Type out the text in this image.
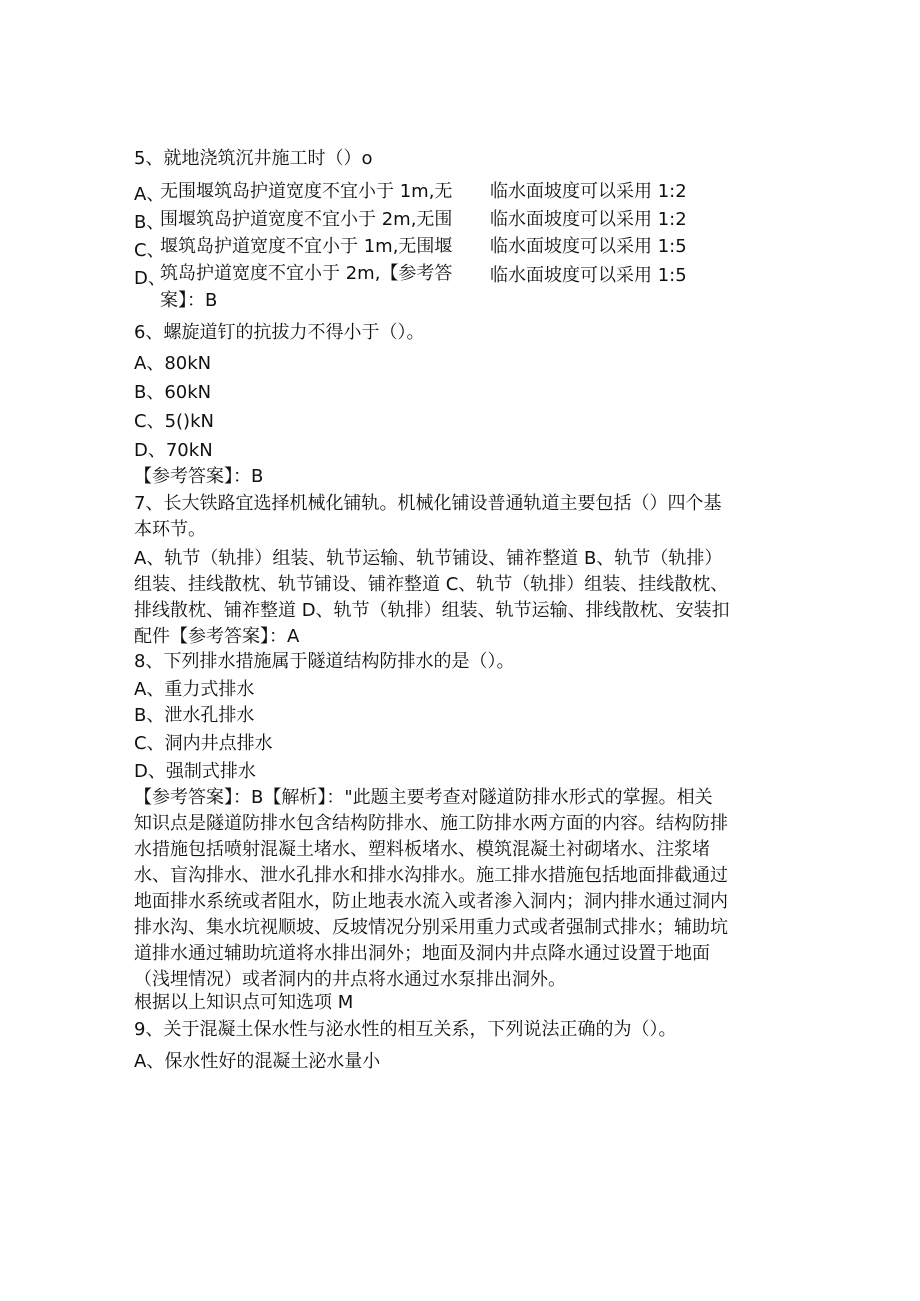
5、就地浇筑沉井施工时（）o
A、
无围堰筑岛护道宽度不宜小于 1m,无 临水面坡度可以采用 1:2
B、
围堰筑岛护道宽度不宜小于 2m,无围 临水面坡度可以采用 1:2
C、
堰筑岛护道宽度不宜小于 1m,无围堰 临水面坡度可以采用 1:5
D、
筑岛护道宽度不宜小于 2m,【参考答 临水面坡度可以采用 1:5
案】：B
6、螺旋道钉的抗拔力不得小于（）。
A、80kN
B、60kN
C、5()kN
D、70kN
【参考答案】：B
7、长大铁路宜选择机械化铺轨。机械化铺设普通轨道主要包括（）四个基
本环节。
A、轨节（轨排）组装、轨节运输、轨节铺设、铺祚整道 B、轨节（轨排）
组装、挂线散枕、轨节铺设、铺祚整道 C、轨节（轨排）组装、挂线散枕、
排线散枕、铺祚整道 D、轨节（轨排）组装、轨节运输、排线散枕、安装扣
配件【参考答案】：A
8、下列排水措施属于隧道结构防排水的是（）。
A、重力式排水
B、泄水孔排水
C、洞内井点排水
D、强制式排水
【参考答案】：B【解析】："此题主要考查对隧道防排水形式的掌握。相关
知识点是隧道防排水包含结构防排水、施工防排水两方面的内容。结构防排
水措施包括喷射混凝土堵水、塑料板堵水、模筑混凝土衬砌堵水、注浆堵
水、盲沟排水、泄水孔排水和排水沟排水。施工排水措施包括地面排截通过
地面排水系统或者阻水，防止地表水流入或者渗入洞内；洞内排水通过洞内
排水沟、集水坑视顺坡、反坡情况分别采用重力式或者强制式排水；辅助坑
道排水通过辅助坑道将水排出洞外；地面及洞内井点降水通过设置于地面
（浅埋情况）或者洞内的井点将水通过水泵排出洞外。
根据以上知识点可知选项 M
9、关于混凝土保水性与泌水性的相互关系，下列说法正确的为（）。
A、保水性好的混凝土泌水量小
